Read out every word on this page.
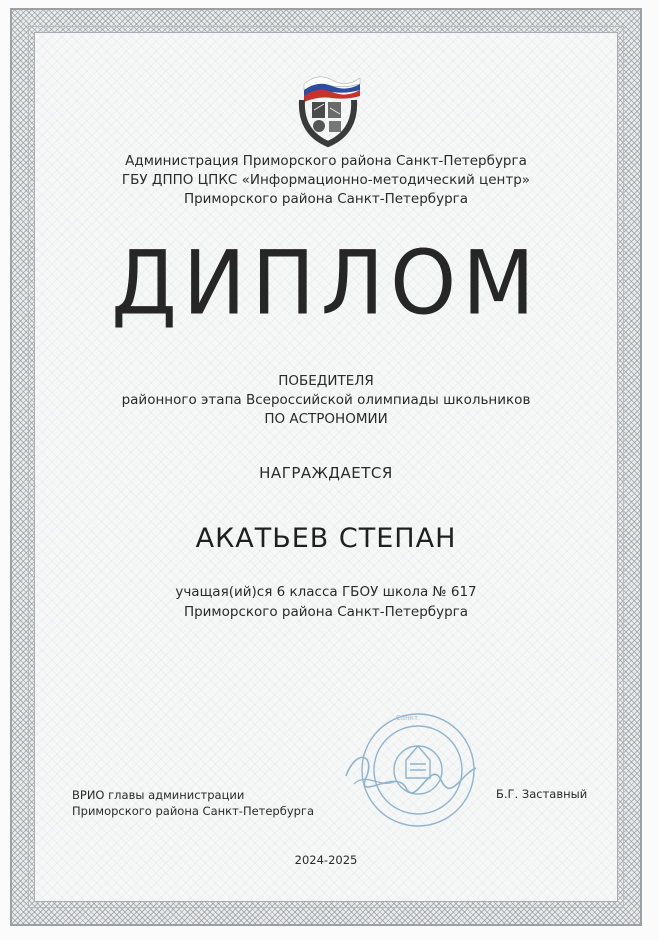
Администрация Приморского района Санкт-Петербурга
ГБУ ДППО ЦПКС «Информационно-методический центр»
Приморского района Санкт-Петербурга
ДИПЛОМ
ПОБЕДИТЕЛЯ
районного этапа Всероссийской олимпиады школьников
ПО АСТРОНОМИИ
НАГРАЖДАЕТСЯ
АКАТЬЕВ СТЕПАН
учащая(ий)ся 6 класса ГБОУ школа № 617
Приморского района Санкт-Петербурга
Санкт
ВРИО главы администрации
Приморского района Санкт-Петербурга
Б.Г. Заставный
2024-2025
